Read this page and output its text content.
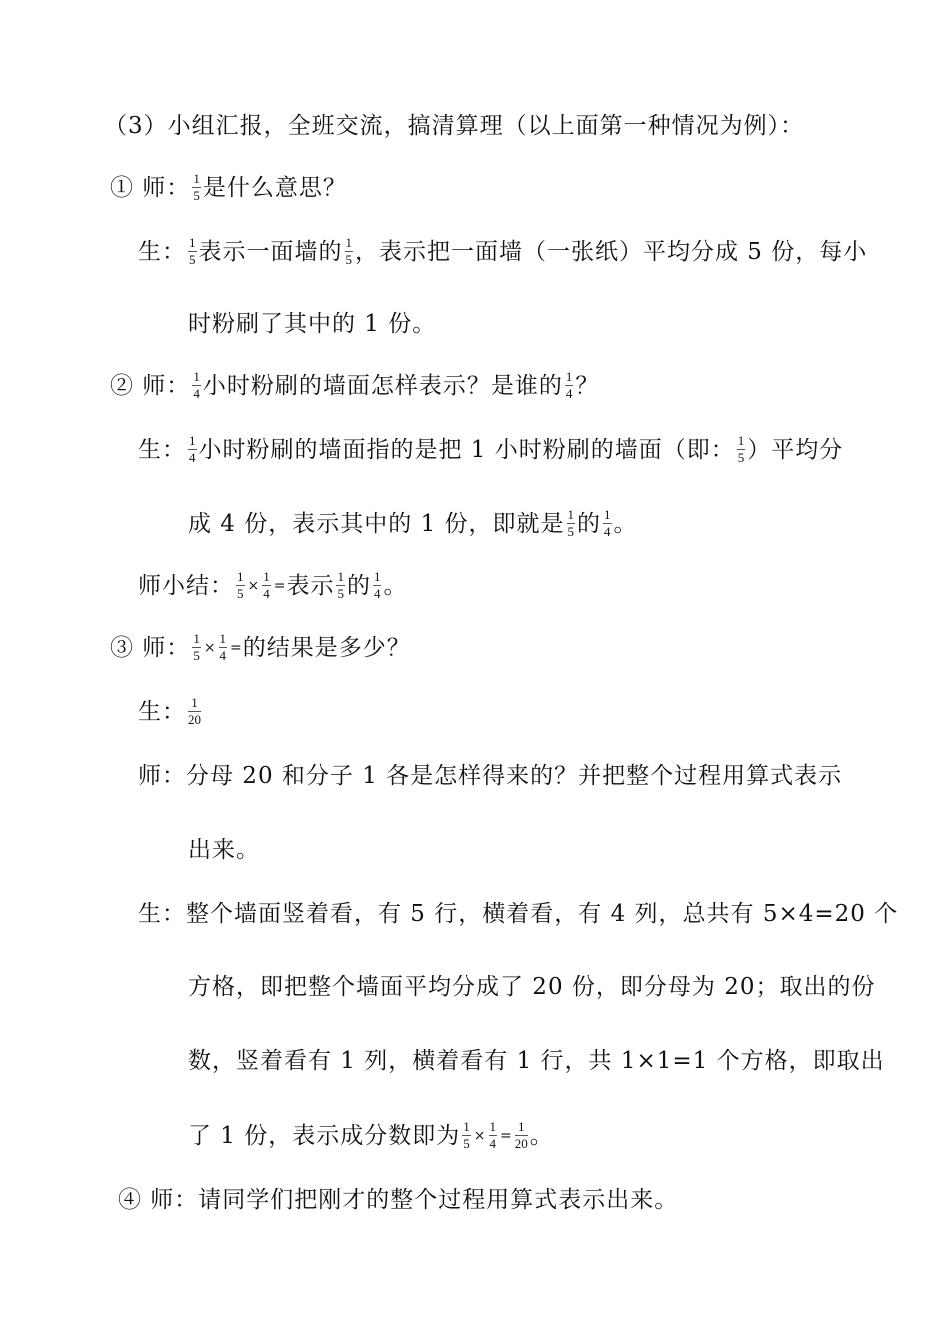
（3）小组汇报，全班交流，搞清算理（以上面第一种情况为例）：
① 师： $\frac{1}{5}$ 是什么意思？
生： $\frac{1}{5}$ 表示一面墙的 $\frac{1}{5}$ ，表示把一面墙（一张纸）平均分成 5 份，每小
时粉刷了其中的 1 份。
② 师： $\frac{1}{4}$ 小时粉刷的墙面怎样表示？是谁的 $\frac{1}{4}$ ？
生： $\frac{1}{4}$ 小时粉刷的墙面指的是把 1 小时粉刷的墙面（即： $\frac{1}{5}$ ）平均分
成 4 份，表示其中的 1 份，即就是 $\frac{1}{5}$ 的 $\frac{1}{4}$ 。
师小结： $\frac{1}{5} \times \frac{1}{4}$ = 表示 $\frac{1}{5}$ 的 $\frac{1}{4}$ 。
③ 师： $\frac{1}{5} \times \frac{1}{4}$ = 的结果是多少？
生： $\frac{1}{20}$
师：分母 20 和分子 1 各是怎样得来的？并把整个过程用算式表示
出来。
生：整个墙面竖着看，有 5 行，横着看，有 4 列，总共有 5×4=20 个
方格，即把整个墙面平均分成了 20 份，即分母为 20；取出的份
数，竖着看有 1 列，横着看有 1 行，共 1×1=1 个方格，即取出
了 1 份，表示成分数即为 $\frac{1}{5} \times \frac{1}{4} = \frac{1}{20}$ 。
④ 师：请同学们把刚才的整个过程用算式表示出来。
